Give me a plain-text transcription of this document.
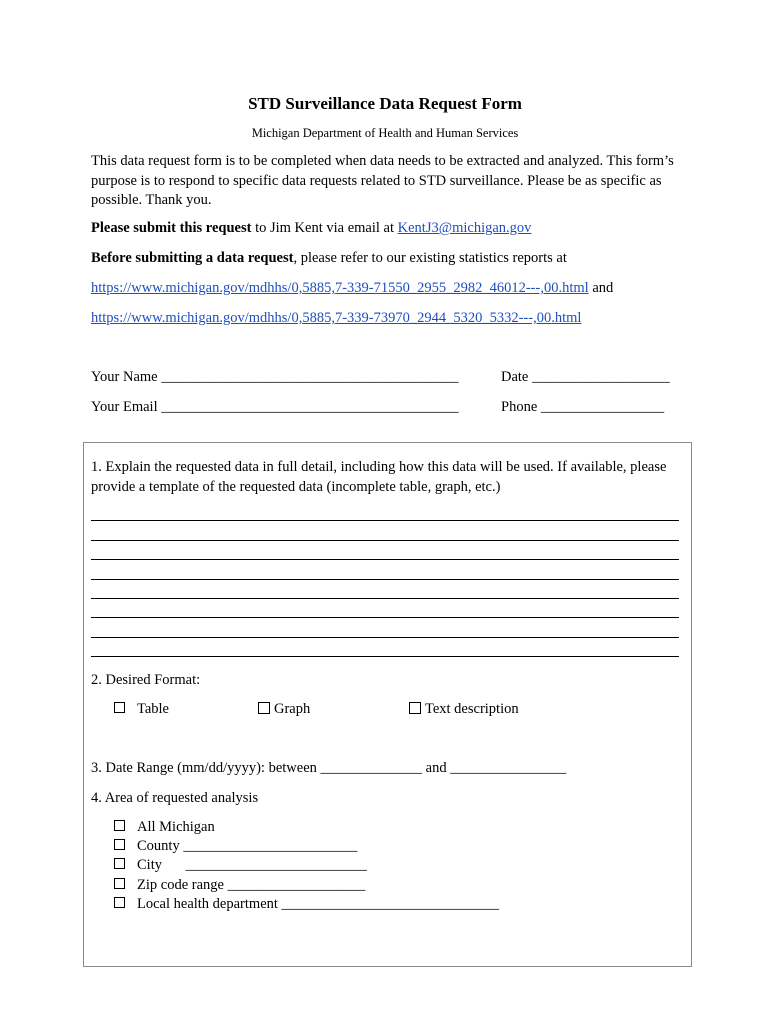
STD Surveillance Data Request Form
Michigan Department of Health and Human Services
This data request form is to be completed when data needs to be extracted and analyzed. This form’s purpose is to respond to specific data requests related to STD surveillance. Please be as specific as possible. Thank you.
Please submit this request to Jim Kent via email at KentJ3@michigan.gov
Before submitting a data request, please refer to our existing statistics reports at
https://www.michigan.gov/mdhhs/0,5885,7-339-71550_2955_2982_46012---,00.html and
https://www.michigan.gov/mdhhs/0,5885,7-339-73970_2944_5320_5332---,00.html
Your Name _________________________________________	Date ___________________
Your Email _________________________________________	Phone _________________
1. Explain the requested data in full detail, including how this data will be used. If available, please provide a template of the requested data (incomplete table, graph, etc.)
2. Desired Format:
Table	Graph	Text description
3. Date Range (mm/dd/yyyy): between ______________ and ________________
4. Area of requested analysis
All Michigan
County ________________________
City _________________________
Zip code range ___________________
Local health department ______________________________
